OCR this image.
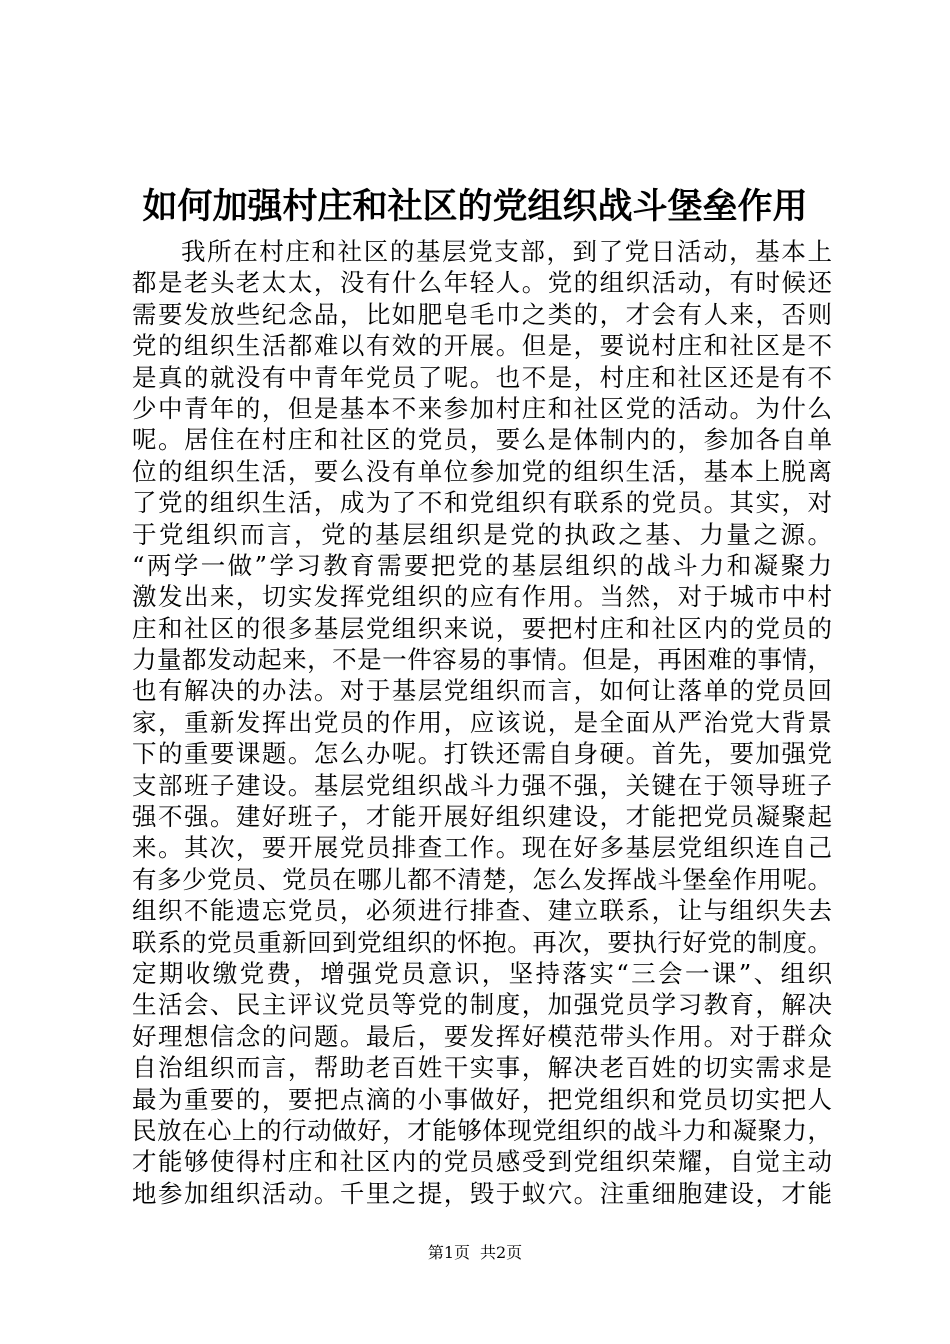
如何加强村庄和社区的党组织战斗堡垒作用
我所在村庄和社区的基层党支部，到了党日活动，基本上
都是老头老太太，没有什么年轻人。党的组织活动，有时候还
需要发放些纪念品，比如肥皂毛巾之类的，才会有人来，否则
党的组织生活都难以有效的开展。但是，要说村庄和社区是不
是真的就没有中青年党员了呢。也不是，村庄和社区还是有不
少中青年的，但是基本不来参加村庄和社区党的活动。为什么
呢。居住在村庄和社区的党员，要么是体制内的，参加各自单
位的组织生活，要么没有单位参加党的组织生活，基本上脱离
了党的组织生活，成为了不和党组织有联系的党员。其实，对
于党组织而言，党的基层组织是党的执政之基、力量之源。
“两学一做”学习教育需要把党的基层组织的战斗力和凝聚力
激发出来，切实发挥党组织的应有作用。当然，对于城市中村
庄和社区的很多基层党组织来说，要把村庄和社区内的党员的
力量都发动起来，不是一件容易的事情。但是，再困难的事情，
也有解决的办法。对于基层党组织而言，如何让落单的党员回
家，重新发挥出党员的作用，应该说，是全面从严治党大背景
下的重要课题。怎么办呢。打铁还需自身硬。首先，要加强党
支部班子建设。基层党组织战斗力强不强，关键在于领导班子
强不强。建好班子，才能开展好组织建设，才能把党员凝聚起
来。其次，要开展党员排查工作。现在好多基层党组织连自己
有多少党员、党员在哪儿都不清楚，怎么发挥战斗堡垒作用呢。
组织不能遗忘党员，必须进行排查、建立联系，让与组织失去
联系的党员重新回到党组织的怀抱。再次，要执行好党的制度。
定期收缴党费，增强党员意识，坚持落实“三会一课”、组织
生活会、民主评议党员等党的制度，加强党员学习教育，解决
好理想信念的问题。最后，要发挥好模范带头作用。对于群众
自治组织而言，帮助老百姓干实事，解决老百姓的切实需求是
最为重要的，要把点滴的小事做好，把党组织和党员切实把人
民放在心上的行动做好，才能够体现党组织的战斗力和凝聚力，
才能够使得村庄和社区内的党员感受到党组织荣耀，自觉主动
地参加组织活动。千里之提，毁于蚁穴。注重细胞建设，才能
第1页 共2页
